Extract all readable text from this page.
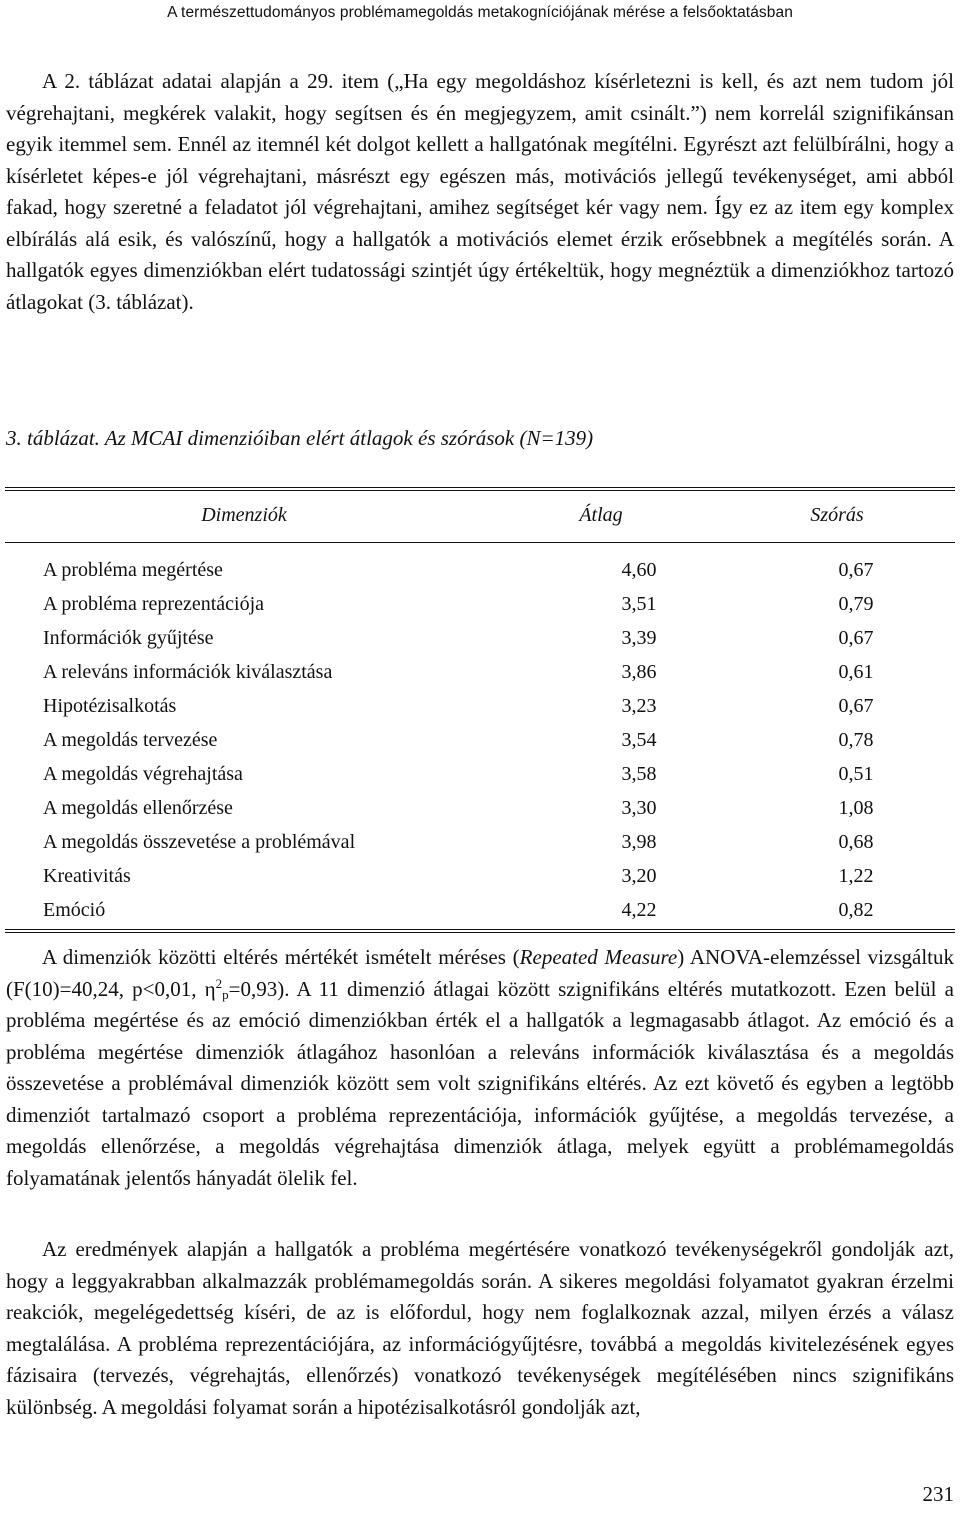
A természettudományos problémamegoldás metakogníciójának mérése a felsőoktatásban

A 2. táblázat adatai alapján a 29. item („Ha egy megoldáshoz kísérletezni is kell, és azt nem tudom jól végrehajtani, megkérek valakit, hogy segítsen és én megjegyzem, amit csinált.”) nem korrelál szignifikánsan egyik itemmel sem. Ennél az itemnél két dolgot kellett a hallgatónak megítélni. Egyrészt azt felülbírálni, hogy a kísérletet képes-e jól végrehajtani, másrészt egy egészen más, motivációs jellegű tevékenységet, ami abból fakad, hogy szeretné a feladatot jól végrehajtani, amihez segítséget kér vagy nem. Így ez az item egy komplex elbírálás alá esik, és valószínű, hogy a hallgatók a motivációs elemet érzik erősebbnek a megítélés során. A hallgatók egyes dimenziókban elért tudatossági szintjét úgy értékeltük, hogy megnéztük a dimenziókhoz tartozó átlagokat (3. táblázat).

3. táblázat. Az MCAI dimenzióiban elért átlagok és szórások (N=139)

Dimenziók	Átlag	Szórás
A probléma megértése	4,60	0,67
A probléma reprezentációja	3,51	0,79
Információk gyűjtése	3,39	0,67
A releváns információk kiválasztása	3,86	0,61
Hipotézisalkotás	3,23	0,67
A megoldás tervezése	3,54	0,78
A megoldás végrehajtása	3,58	0,51
A megoldás ellenőrzése	3,30	1,08
A megoldás összevetése a problémával	3,98	0,68
Kreativitás	3,20	1,22
Emóció	4,22	0,82

A dimenziók közötti eltérés mértékét ismételt méréses (Repeated Measure) ANOVA-elemzéssel vizsgáltuk (F(10)=40,24, p<0,01, $\eta^2_p=0,93$). A 11 dimenzió átlagai között szignifikáns eltérés mutatkozott. Ezen belül a probléma megértése és az emóció dimenziókban érték el a hallgatók a legmagasabb átlagot. Az emóció és a probléma megértése dimenziók átlagához hasonlóan a releváns információk kiválasztása és a megoldás összevetése a problémával dimenziók között sem volt szignifikáns eltérés. Az ezt követő és egyben a legtöbb dimenziót tartalmazó csoport a probléma reprezentációja, információk gyűjtése, a megoldás tervezése, a megoldás ellenőrzése, a megoldás végrehajtása dimenziók átlaga, melyek együtt a problémamegoldás folyamatának jelentős hányadát ölelik fel.

Az eredmények alapján a hallgatók a probléma megértésére vonatkozó tevékenységekről gondolják azt, hogy a leggyakrabban alkalmazzák problémamegoldás során. A sikeres megoldási folyamatot gyakran érzelmi reakciók, megelégedettség kíséri, de az is előfordul, hogy nem foglalkoznak azzal, milyen érzés a válasz megtalálása. A probléma reprezentációjára, az információgyűjtésre, továbbá a megoldás kivitelezésének egyes fázisaira (tervezés, végrehajtás, ellenőrzés) vonatkozó tevékenységek megítélésében nincs szignifikáns különbség. A megoldási folyamat során a hipotézisalkotásról gondolják azt,

231
